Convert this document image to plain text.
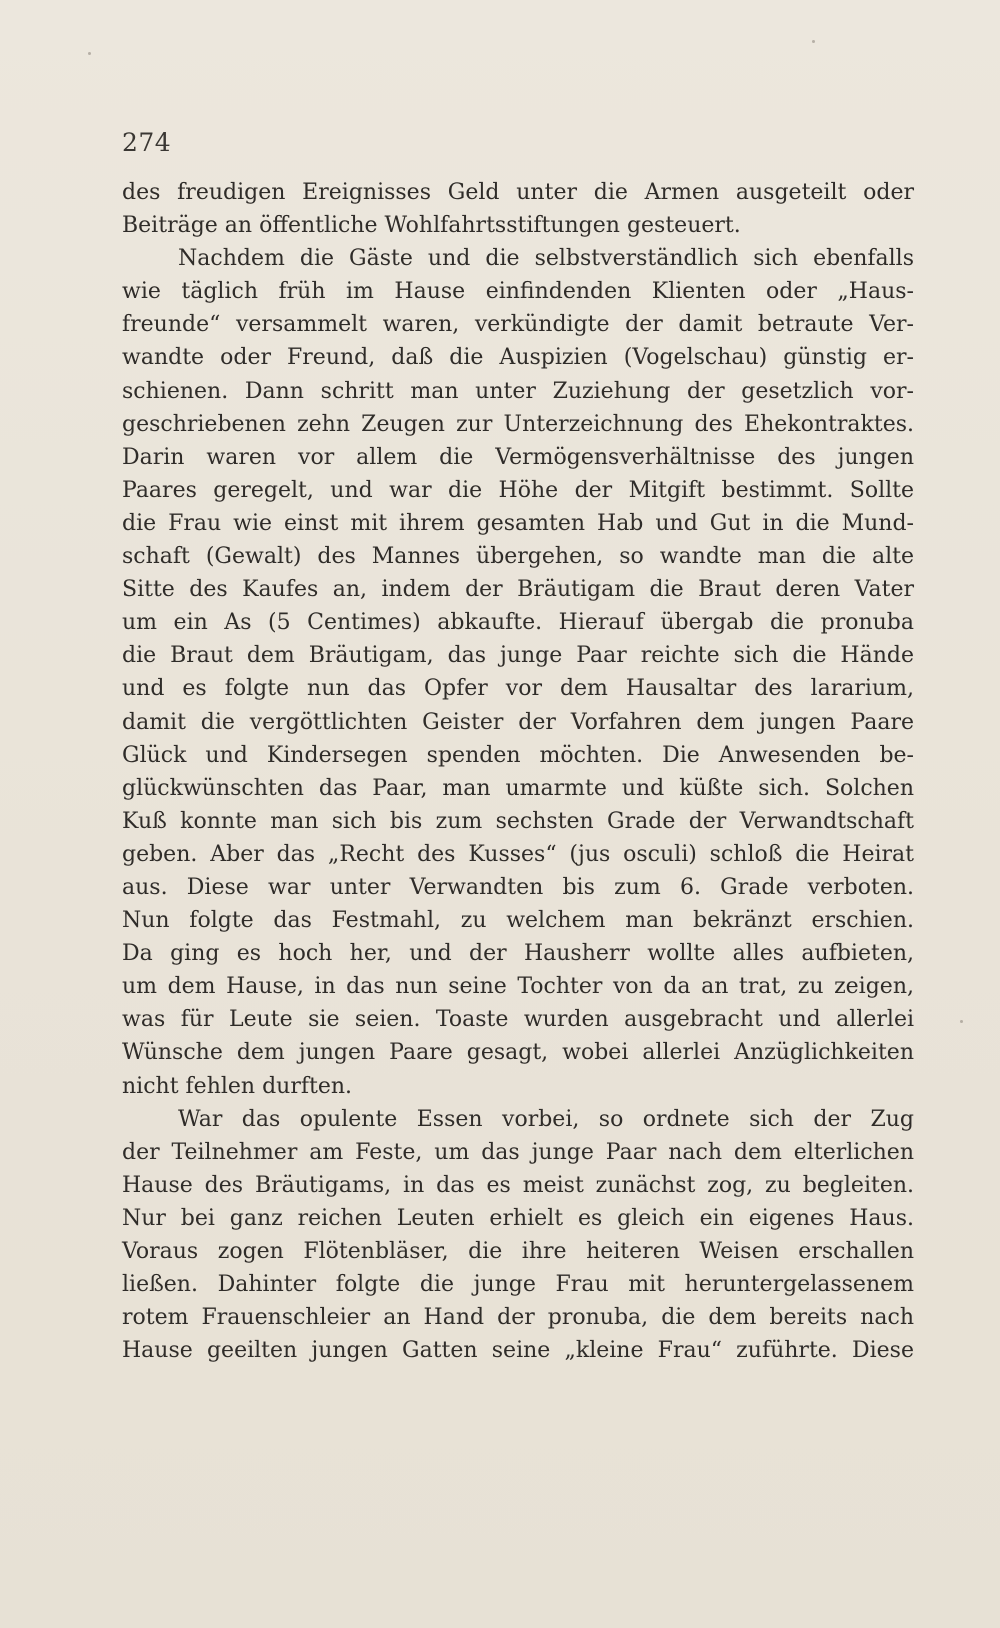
274
des freudigen Ereignisses Geld unter die Armen ausgeteilt oder
Beiträge an öffentliche Wohlfahrtsstiftungen gesteuert.
Nachdem die Gäste und die selbstverständlich sich ebenfalls
wie täglich früh im Hause einfindenden Klienten oder „Haus-
freunde“ versammelt waren, verkündigte der damit betraute Ver-
wandte oder Freund, daß die Auspizien (Vogelschau) günstig er-
schienen. Dann schritt man unter Zuziehung der gesetzlich vor-
geschriebenen zehn Zeugen zur Unterzeichnung des Ehekontraktes.
Darin waren vor allem die Vermögensverhältnisse des jungen
Paares geregelt, und war die Höhe der Mitgift bestimmt. Sollte
die Frau wie einst mit ihrem gesamten Hab und Gut in die Mund-
schaft (Gewalt) des Mannes übergehen, so wandte man die alte
Sitte des Kaufes an, indem der Bräutigam die Braut deren Vater
um ein As (5 Centimes) abkaufte. Hierauf übergab die pronuba
die Braut dem Bräutigam, das junge Paar reichte sich die Hände
und es folgte nun das Opfer vor dem Hausaltar des lararium,
damit die vergöttlichten Geister der Vorfahren dem jungen Paare
Glück und Kindersegen spenden möchten. Die Anwesenden be-
glückwünschten das Paar, man umarmte und küßte sich. Solchen
Kuß konnte man sich bis zum sechsten Grade der Verwandtschaft
geben. Aber das „Recht des Kusses“ (jus osculi) schloß die Heirat
aus. Diese war unter Verwandten bis zum 6. Grade verboten.
Nun folgte das Festmahl, zu welchem man bekränzt erschien.
Da ging es hoch her, und der Hausherr wollte alles aufbieten,
um dem Hause, in das nun seine Tochter von da an trat, zu zeigen,
was für Leute sie seien. Toaste wurden ausgebracht und allerlei
Wünsche dem jungen Paare gesagt, wobei allerlei Anzüglichkeiten
nicht fehlen durften.
War das opulente Essen vorbei, so ordnete sich der Zug
der Teilnehmer am Feste, um das junge Paar nach dem elterlichen
Hause des Bräutigams, in das es meist zunächst zog, zu begleiten.
Nur bei ganz reichen Leuten erhielt es gleich ein eigenes Haus.
Voraus zogen Flötenbläser, die ihre heiteren Weisen erschallen
ließen. Dahinter folgte die junge Frau mit heruntergelassenem
rotem Frauenschleier an Hand der pronuba, die dem bereits nach
Hause geeilten jungen Gatten seine „kleine Frau“ zuführte. Diese
